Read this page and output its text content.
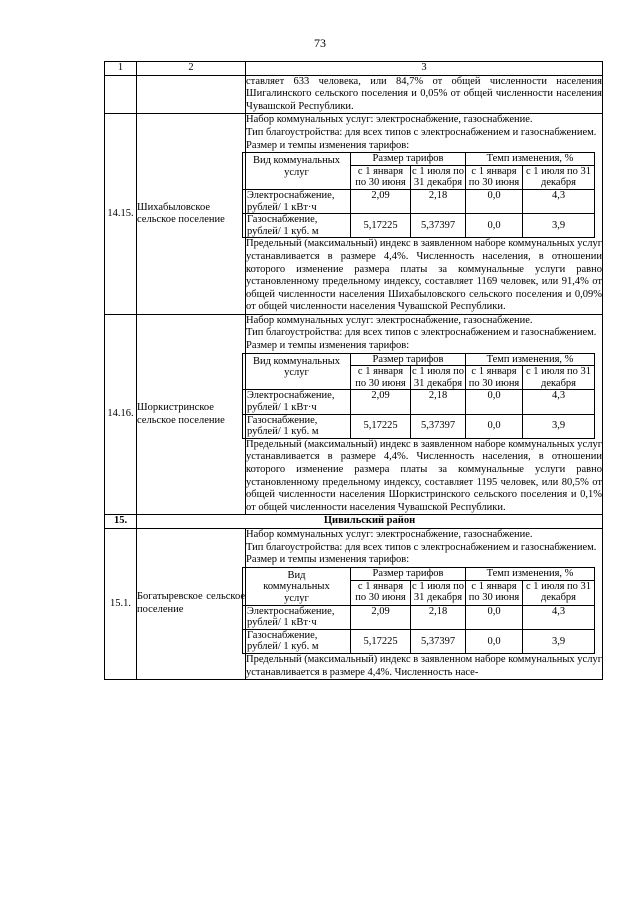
73
1	2	3
		ставляет 633 человека, или 84,7% от общей численности населения Шигалинского сельского поселения и 0,05% от общей численности населения Чувашской Республики.
14.15.	Шихабыловское сельское поселение	

Набор коммунальных услуг: электроснабжение, газоснабжение.

Тип благоустройства: для всех типов с электроснабжением и газоснабжением.

Размер и темпы изменения тарифов:

Вид коммунальных услуг	Размер тарифов	Темп изменения, %
с 1 января по 30 июня	с 1 июля по 31 декабря	с 1 января по 30 июня	с 1 июля по 31 декабря
Электроснабжение, рублей/ 1 кВт·ч	2,09	2,18	0,0	4,3
Газоснабжение, рублей/ 1 куб. м	5,17225	5,37397	0,0	3,9

Предельный (максимальный) индекс в заявленном наборе коммунальных услуг устанавливается в размере 4,4%. Численность населения, в отношении которого изменение размера платы за коммунальные услуги равно установленному предельному индексу, составляет 1169 человек, или 91,4% от общей численности населения Шихабыловского сельского поселения и 0,09% от общей численности населения Чувашской Республики.

14.16.	Шоркистринское сельское поселение	

Набор коммунальных услуг: электроснабжение, газоснабжение.

Тип благоустройства: для всех типов с электроснабжением и газоснабжением.

Размер и темпы изменения тарифов:

Вид коммунальных услуг	Размер тарифов	Темп изменения, %
с 1 января по 30 июня	с 1 июля по 31 декабря	с 1 января по 30 июня	с 1 июля по 31 декабря
Электроснабжение, рублей/ 1 кВт·ч	2,09	2,18	0,0	4,3
Газоснабжение, рублей/ 1 куб. м	5,17225	5,37397	0,0	3,9

Предельный (максимальный) индекс в заявленном наборе коммунальных услуг устанавливается в размере 4,4%. Численность населения, в отношении которого изменение размера платы за коммунальные услуги равно установленному предельному индексу, составляет 1195 человек, или 80,5% от общей численности населения Шоркистринского сельского поселения и 0,1% от общей численности населения Чувашской Республики.

15.	Цивильский район
15.1.	Богатыревское сельское поселение	

Набор коммунальных услуг: электроснабжение, газоснабжение.

Тип благоустройства: для всех типов с электроснабжением и газоснабжением.

Размер и темпы изменения тарифов:

Вид коммунальных услуг	Размер тарифов	Темп изменения, %
с 1 января по 30 июня	с 1 июля по 31 декабря	с 1 января по 30 июня	с 1 июля по 31 декабря
Электроснабжение, рублей/ 1 кВт·ч	2,09	2,18	0,0	4,3
Газоснабжение, рублей/ 1 куб. м	5,17225	5,37397	0,0	3,9

Предельный (максимальный) индекс в заявленном наборе коммунальных услуг устанавливается в размере 4,4%. Численность насе-
